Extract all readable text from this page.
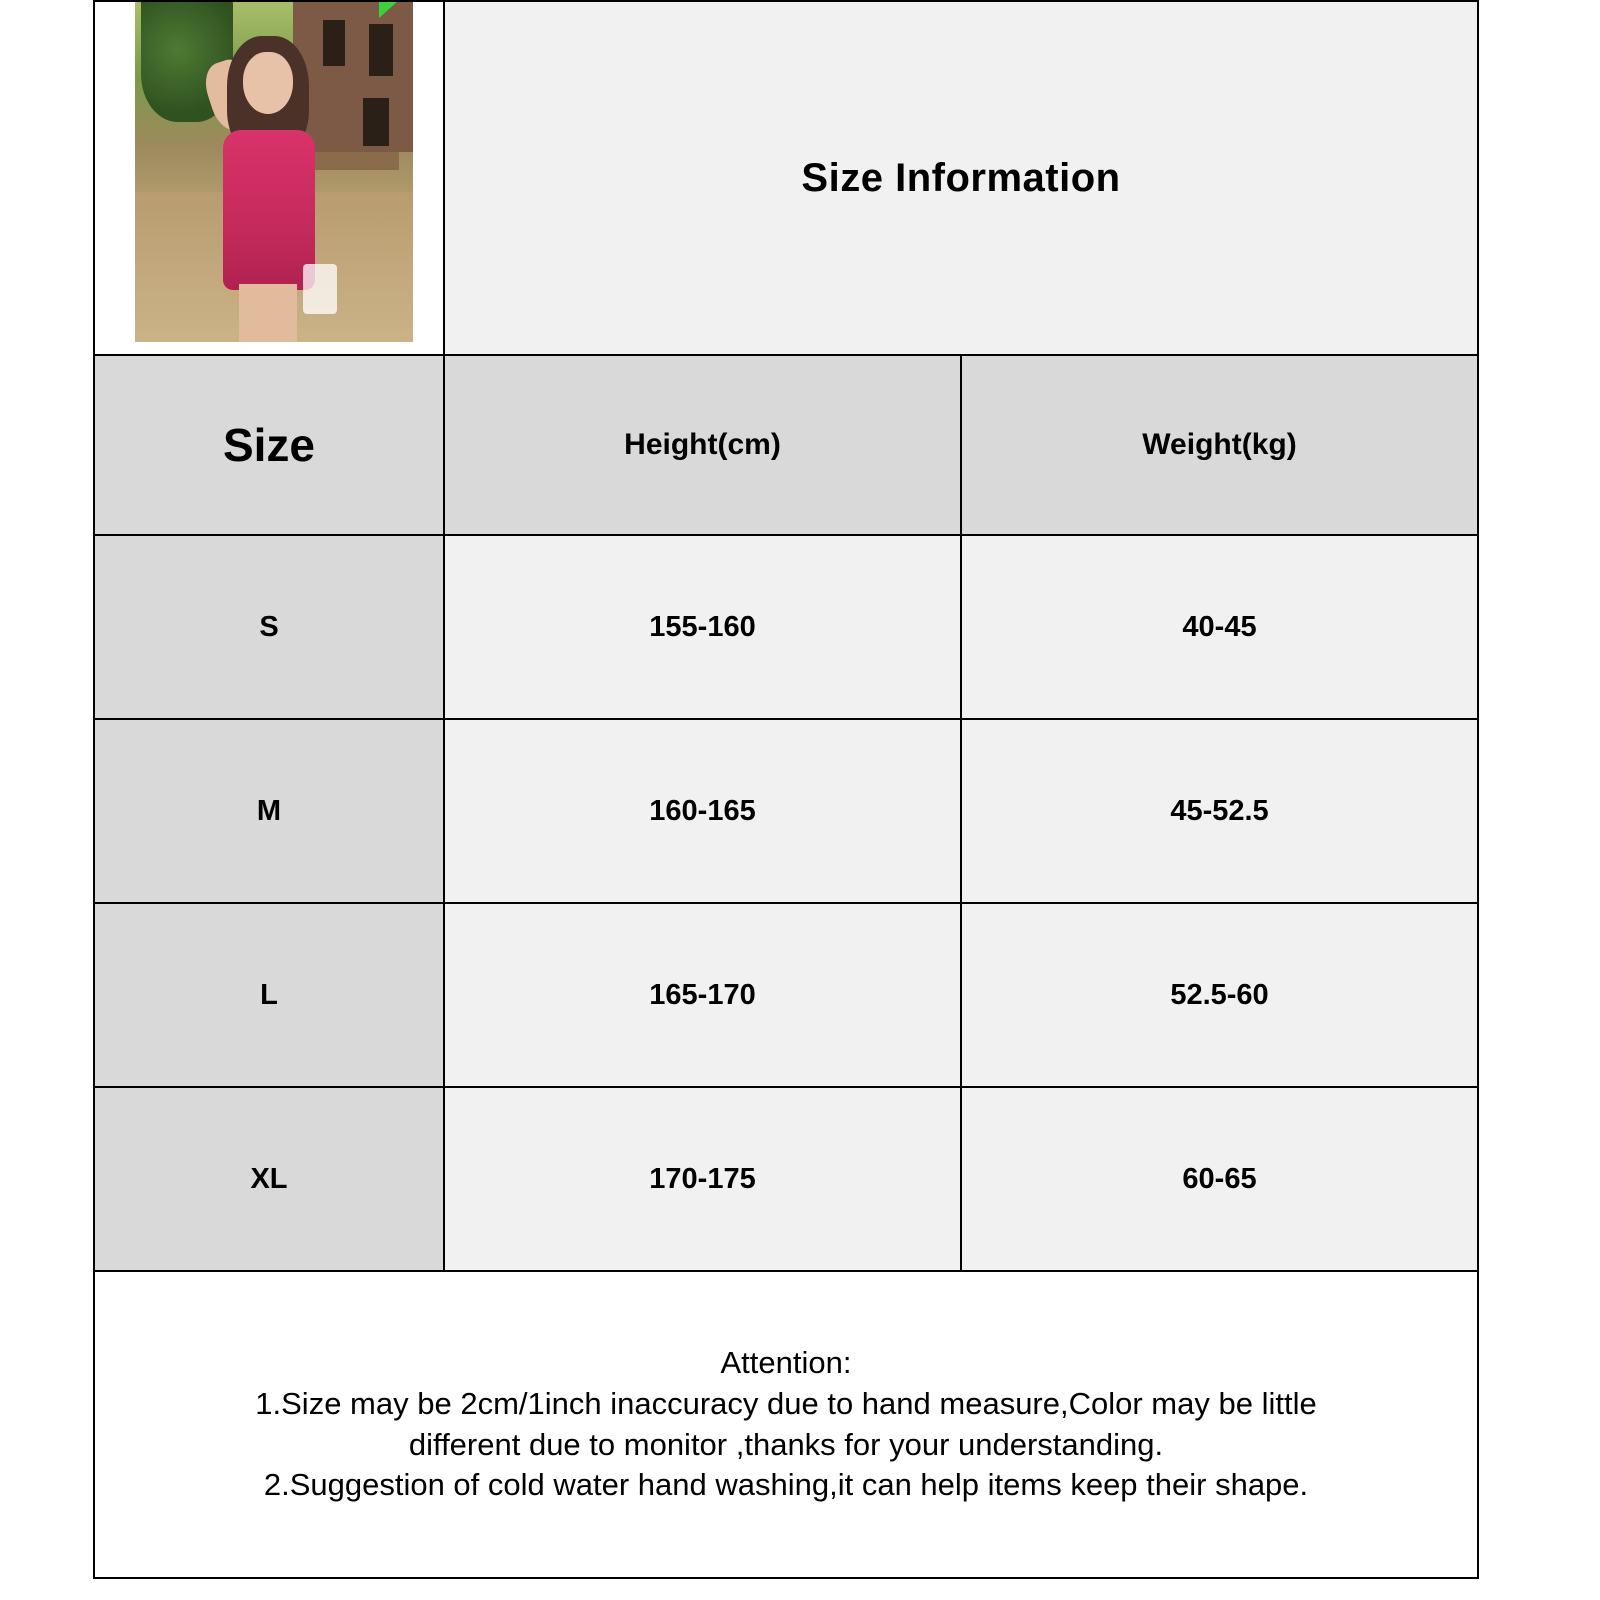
	Size Information	

Size	Height(cm)	Weight(kg)
S	155-160	40-45
M	160-165	45-52.5
L	165-170	52.5-60
XL	170-175	60-65

Attention:
1.Size may be 2cm/1inch inaccuracy due to hand measure,Color may be little
different due to monitor ,thanks for your understanding.
2.Suggestion of cold water hand washing,it can help items keep their shape.		
